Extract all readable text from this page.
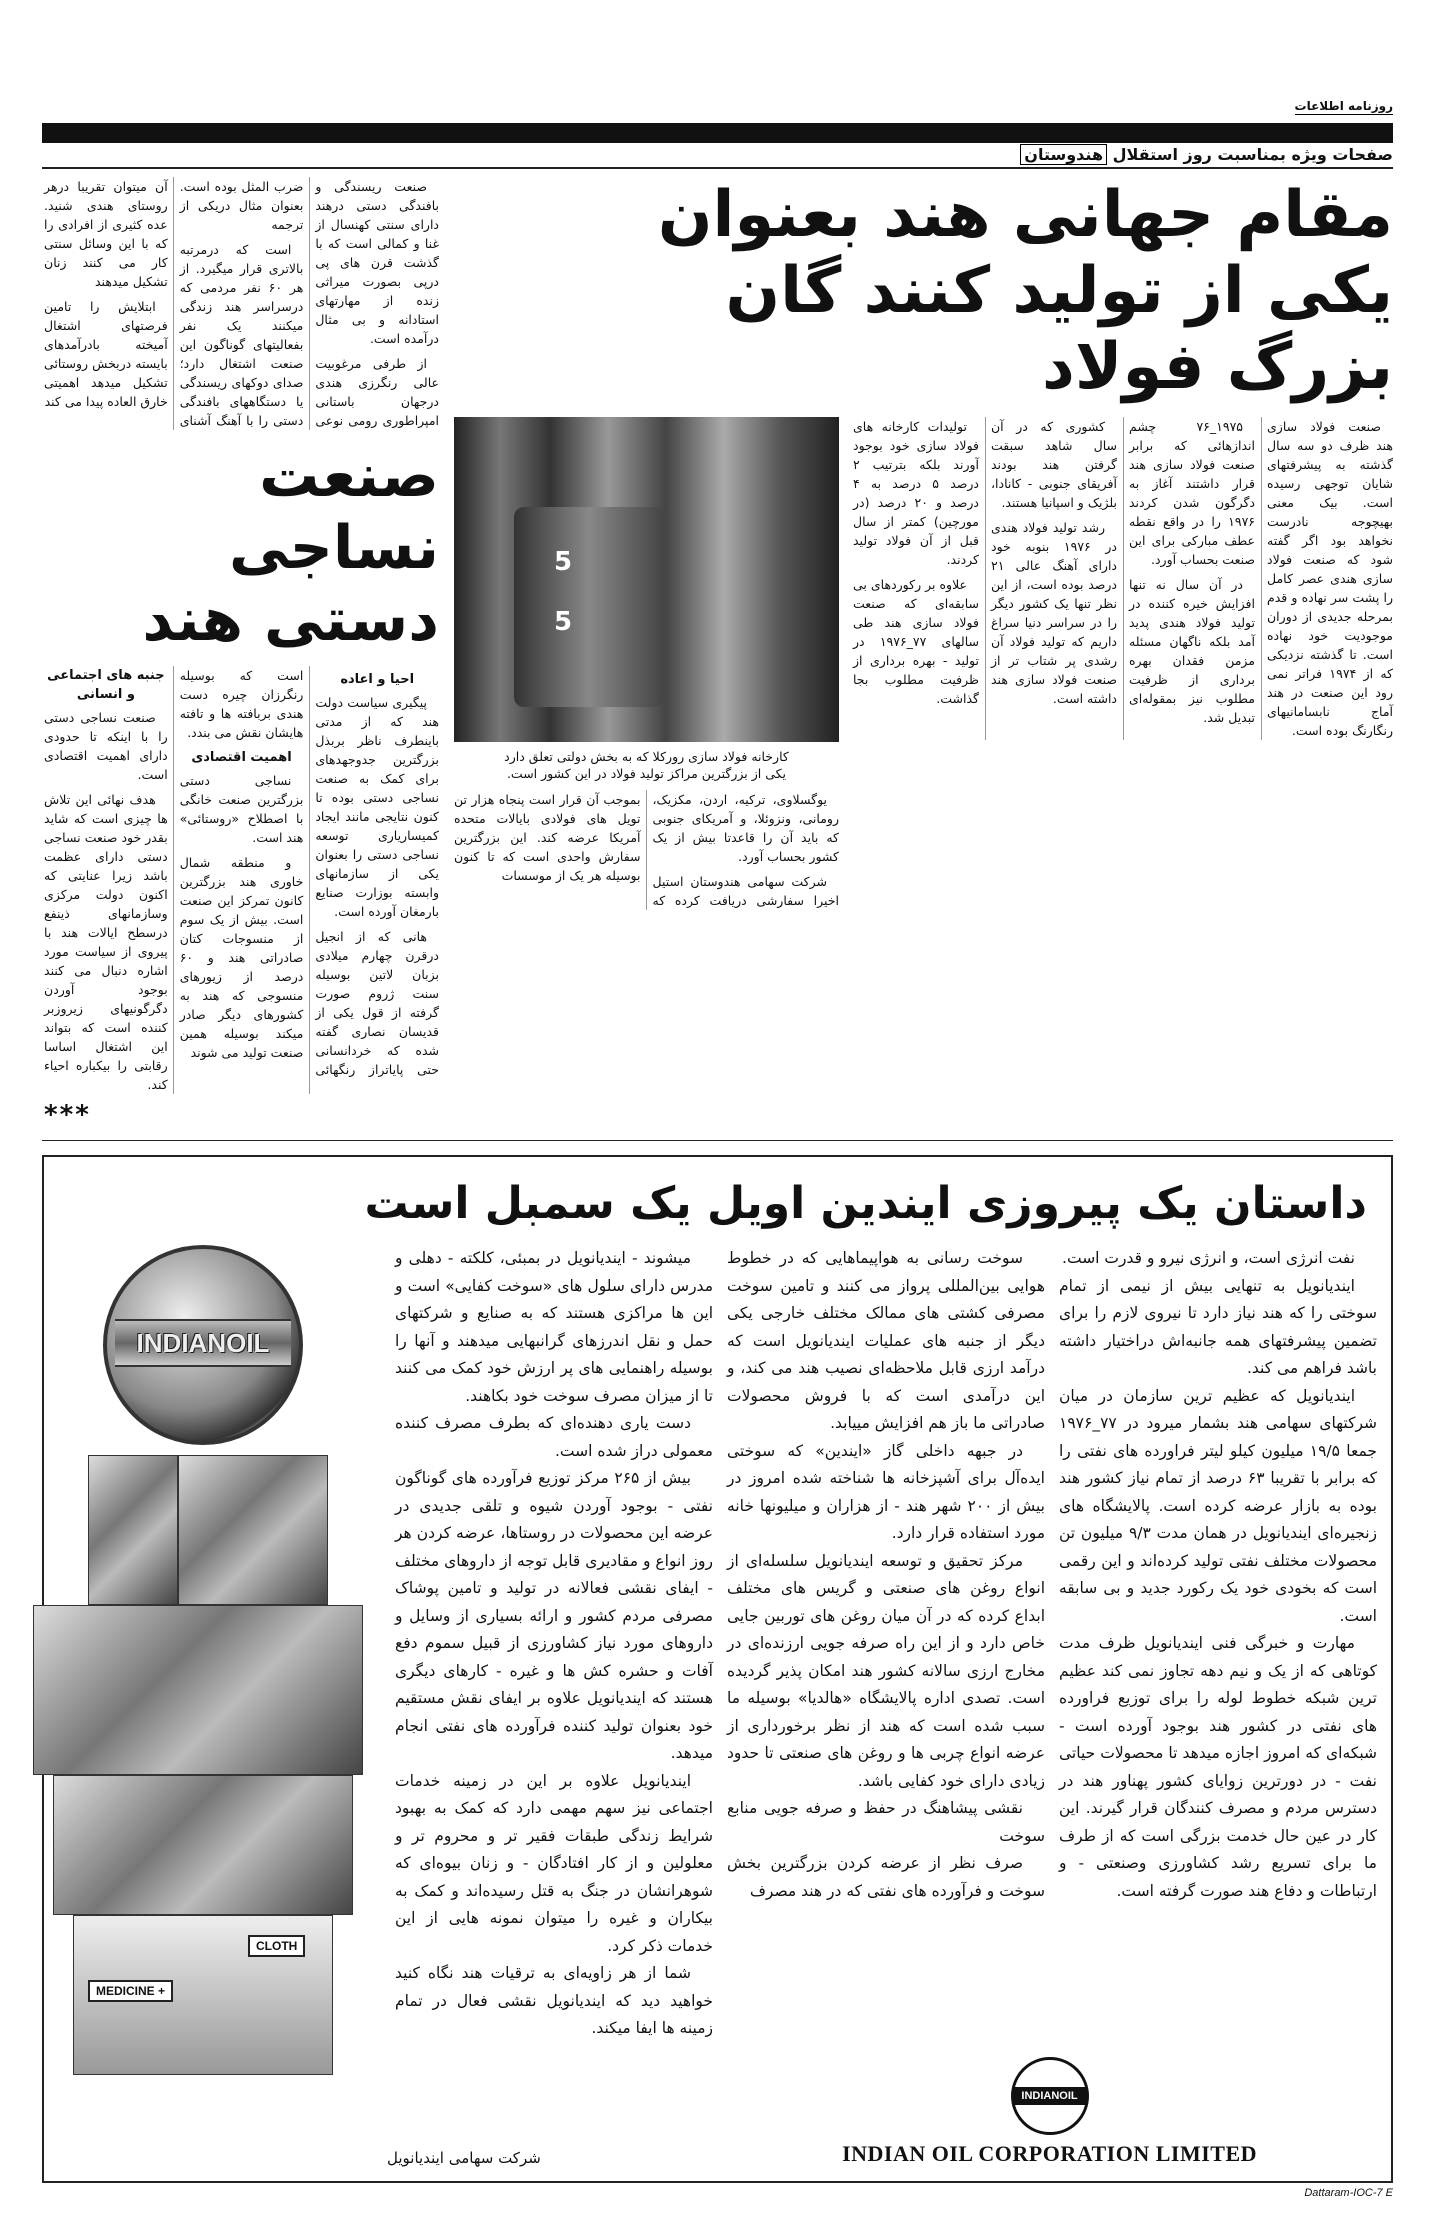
روزنامه اطلاعات
صفحات ویژه بمناسبت روز استقلال هندوستان
مقام جهانی هند بعنوان
یکی از تولید کنند گان
بزرگ فولاد

صنعت فولاد سازی هند ظرف دو سه سال گذشته به پیشرفتهای شایان توجهی رسیده است. بیک معنی بهیچوجه نادرست نخواهد بود اگر گفته شود که صنعت فولاد سازی هندی عصر کامل را پشت سر نهاده و قدم بمرحله جدیدی از دوران موجودیت خود نهاده است. تا گذشته نزدیکی که از ۱۹۷۴ فراتر نمی رود این صنعت در هند آماج نابسامانیهای رنگارنگ بوده است.

۱۹۷۵_۷۶ چشم اندازهائی که برابر صنعت فولاد سازی هند قرار داشتند آغاز به دگرگون شدن کردند ۱۹۷۶ را در واقع نقطه عطف مبارکی برای این صنعت بحساب آورد.

در آن سال نه تنها افزایش خیره کننده در تولید فولاد هندی پدید آمد بلکه ناگهان مسئله مزمن فقدان بهره برداری از ظرفیت مطلوب نیز بمقوله‌ای تبدیل شد.

کشوری که در آن سال شاهد سبقت گرفتن هند بودند آفریقای جنوبی - کانادا، بلژیک و اسپانیا هستند.

رشد تولید فولاد هندی در ۱۹۷۶ بنوبه خود دارای آهنگ عالی ۲۱ درصد بوده است، از این نظر تنها یک کشور دیگر را در سراسر دنیا سراغ داریم که تولید فولاد آن رشدی پر شتاب تر از صنعت فولاد سازی هند داشته است.

تولیدات کارخانه های فولاد سازی خود بوجود آورند بلکه بترتیب ۲ درصد ۵ درصد به ۴ درصد و ۲۰ درصد (در مورچین) کمتر از سال قبل از آن فولاد تولید کردند.

علاوه بر رکوردهای بی سابقه‌ای که صنعت فولاد سازی هند طی سالهای ۷۷_۱۹۷۶ در تولید - بهره برداری از ظرفیت مطلوب بجا گذاشت.

5
5
کارخانه فولاد سازی رورکلا که به بخش دولتی تعلق دارد
یکی از بزرگترین مراکز تولید فولاد در این کشور است.

یوگسلاوی، ترکیه، اردن، مکزیک، رومانی، ونزوئلا، و آمریکای جنوبی که باید آن را قاعدتا بیش از یک کشور بحساب آورد.

شرکت سهامی هندوستان استیل اخیرا سفارشی دریافت کرده که بموجب آن قرار است پنجاه هزار تن تویل های فولادی بایالات متحده آمریکا عرضه کند. این بزرگترین سفارش واحدی است که تا کنون بوسیله هر یک از موسسات

صنعت ریسندگی و بافندگی دستی درهند دارای سنتی کهنسال از غنا و کمالی است که با گذشت قرن های پی درپی بصورت میراثی زنده از مهارتهای استادانه و بی مثال درآمده است.

از طرفی مرغوبیت عالی رنگرزی هندی درجهان باستانی امپراطوری رومی نوعی ضرب المثل بوده است. بعنوان مثال دریکی از ترجمه

است که درمرتبه بالاتری قرار میگیرد. از هر ۶۰ نفر مردمی که درسراسر هند زندگی میکنند یک نفر بفعالیتهای گوناگون این صنعت اشتغال دارد؛ صدای دوکهای ریسندگی یا دستگاههای بافندگی دستی را با آهنگ آشنای آن میتوان تقریبا درهر روستای هندی شنید. عده کثیری از افرادی را که با این وسائل سنتی کار می کنند زنان تشکیل میدهند

ابتلایش را تامین فرصتهای اشتغال آمیخته بادرآمدهای بایسته دربخش روستائی تشکیل میدهد اهمیتی خارق العاده پیدا می کند

صنعت
نساجی
دستی هند
احیا و اعاده

پیگیری سیاست دولت هند که از مدتی باینطرف ناظر بربذل بزرگترین جدوجهدهای برای کمک به صنعت نساجی دستی بوده تا کنون نتایجی مانند ایجاد کمیساریاری توسعه نساجی دستی را بعنوان یکی از سازمانهای وابسته بوزارت صنایع بارمغان آورده است.

هانی که از انجیل درقرن چهارم میلادی بزبان لاتین بوسیله سنت ژروم صورت گرفته از قول یکی از قدیسان نصاری گفته شده که خردانسانی حتی پایاتراز رنگهائی است که بوسیله رنگرزان چیره دست هندی بربافته ها و تافته هایشان نقش می بندد.

اهمیت اقتصادی

نساجی دستی بزرگترین صنعت خانگی با اصطلاح «روستائی» هند است.

و منطقه شمال خاوری هند بزرگترین کانون تمرکز این صنعت است. بیش از یک سوم از منسوجات کتان صادراتی هند و ۶۰ درصد از زیورهای منسوجی که هند به کشورهای دیگر صادر میکند بوسیله همین صنعت تولید می شوند

جنبه های اجتماعی و انسانی

صنعت نساجی دستی را با اینکه تا حدودی دارای اهمیت اقتصادی است.

هدف نهائی این تلاش ها چیزی است که شاید بقدر خود صنعت نساجی دستی دارای عظمت باشد زیرا عنایتی که اکنون دولت مرکزی وسازمانهای ذینفع درسطح ایالات هند با پیروی از سیاست مورد اشاره دنبال می کنند بوجود آوردن دگرگونیهای زیروزبر کننده است که بتواند این اشتغال اساسا رقابتی را بیکباره احیاء کند.

***
داستان یک پیروزی ایندین اویل یک سمبل است

نفت انرژی است، و انرژی نیرو و قدرت است.

ایندیانویل به تنهایی بیش از نیمی از تمام سوختی را که هند نیاز دارد تا نیروی لازم را برای تضمین پیشرفتهای همه جانبه‌اش دراختیار داشته باشد فراهم می کند.

ایندیانویل که عظیم ترین سازمان در میان شرکتهای سهامی هند بشمار میرود در ۷۷_۱۹۷۶ جمعا ۱۹/۵ میلیون کیلو لیتر فراورده های نفتی را که برابر با تقریبا ۶۳ درصد از تمام نیاز کشور هند بوده به بازار عرضه کرده است. پالایشگاه های زنجیره‌ای ایندیانویل در همان مدت ۹/۳ میلیون تن محصولات مختلف نفتی تولید کرده‌اند و این رقمی است که بخودی خود یک رکورد جدید و بی سابقه است.

مهارت و خبرگی فنی ایندیانویل ظرف مدت کوتاهی که از یک و نیم دهه تجاوز نمی کند عظیم ترین شبکه خطوط لوله را برای توزیع فراورده های نفتی در کشور هند بوجود آورده است - شبکه‌ای که امروز اجازه میدهد تا محصولات حیاتی نفت - در دورترین زوایای کشور پهناور هند در دسترس مردم و مصرف کنندگان قرار گیرند. این کار در عین حال خدمت بزرگی است که از طرف ما برای تسریع رشد کشاورزی وصنعتی - و ارتباطات و دفاع هند صورت گرفته است.

سوخت رسانی به هواپیماهایی که در خطوط هوایی بین‌المللی پرواز می کنند و تامین سوخت مصرفی کشتی های ممالک مختلف خارجی یکی دیگر از جنبه های عملیات ایندیانویل است که درآمد ارزی قابل ملاحظه‌ای نصیب هند می کند، و این درآمدی است که با فروش محصولات صادراتی ما باز هم افزایش مییابد.

در جبهه داخلی گاز «ایندین» که سوختی ایده‌آل برای آشپزخانه ها شناخته شده امروز در بیش از ۲۰۰ شهر هند - از هزاران و میلیونها خانه مورد استفاده قرار دارد.

مرکز تحقیق و توسعه ایندیانویل سلسله‌ای از انواع روغن های صنعتی و گریس های مختلف ابداع کرده که در آن میان روغن های توربین جایی خاص دارد و از این راه صرفه جویی ارزنده‌ای در مخارج ارزی سالانه کشور هند امکان پذیر گردیده است. تصدی اداره پالایشگاه «هالدیا» بوسیله ما سبب شده است که هند از نظر برخورداری از عرضه انواع چربی ها و روغن های صنعتی تا حدود زیادی دارای خود کفایی باشد.

نقشی پیشاهنگ در حفظ و صرفه جویی منابع سوخت

صرف نظر از عرضه کردن بزرگترین بخش سوخت و فرآورده های نفتی که در هند مصرف

میشوند - ایندیانویل در بمبئی، کلکته - دهلی و مدرس دارای سلول های «سوخت کفایی» است و این ها مراکزی هستند که به صنایع و شرکتهای حمل و نقل اندرزهای گرانبهایی میدهند و آنها را بوسیله راهنمایی های پر ارزش خود کمک می کنند تا از میزان مصرف سوخت خود بکاهند.

دست یاری دهنده‌ای که بطرف مصرف کننده معمولی دراز شده است.

بیش از ۲۶۵ مرکز توزیع فرآورده های گوناگون نفتی - بوجود آوردن شیوه و تلقی جدیدی در عرضه این محصولات در روستاها، عرضه کردن هر روز انواع و مقادیری قابل توجه از داروهای مختلف - ایفای نقشی فعالانه در تولید و تامین پوشاک مصرفی مردم کشور و ارائه بسیاری از وسایل و داروهای مورد نیاز کشاورزی از قبیل سموم دفع آفات و حشره کش ها و غیره - کارهای دیگری هستند که ایندیانویل علاوه بر ایفای نقش مستقیم خود بعنوان تولید کننده فرآورده های نفتی انجام میدهد.

ایندیانویل علاوه بر این در زمینه خدمات اجتماعی نیز سهم مهمی دارد که کمک به بهبود شرایط زندگی طبقات فقیر تر و محروم تر و معلولین و از کار افتادگان - و زنان بیوه‌ای که شوهرانشان در جنگ به قتل رسیده‌اند و کمک به بیکاران و غیره را میتوان نمونه هایی از این خدمات ذکر کرد.

شما از هر زاویه‌ای به ترقیات هند نگاه کنید خواهید دید که ایندیانویل نقشی فعال در تمام زمینه ها ایفا میکند.

INDIANOIL
INDIAN OIL CORPORATION LIMITED
شرکت سهامی ایندیانویل
INDIANOIL
CLOTH
+ MEDICINE
Dattaram-IOC-7 E
